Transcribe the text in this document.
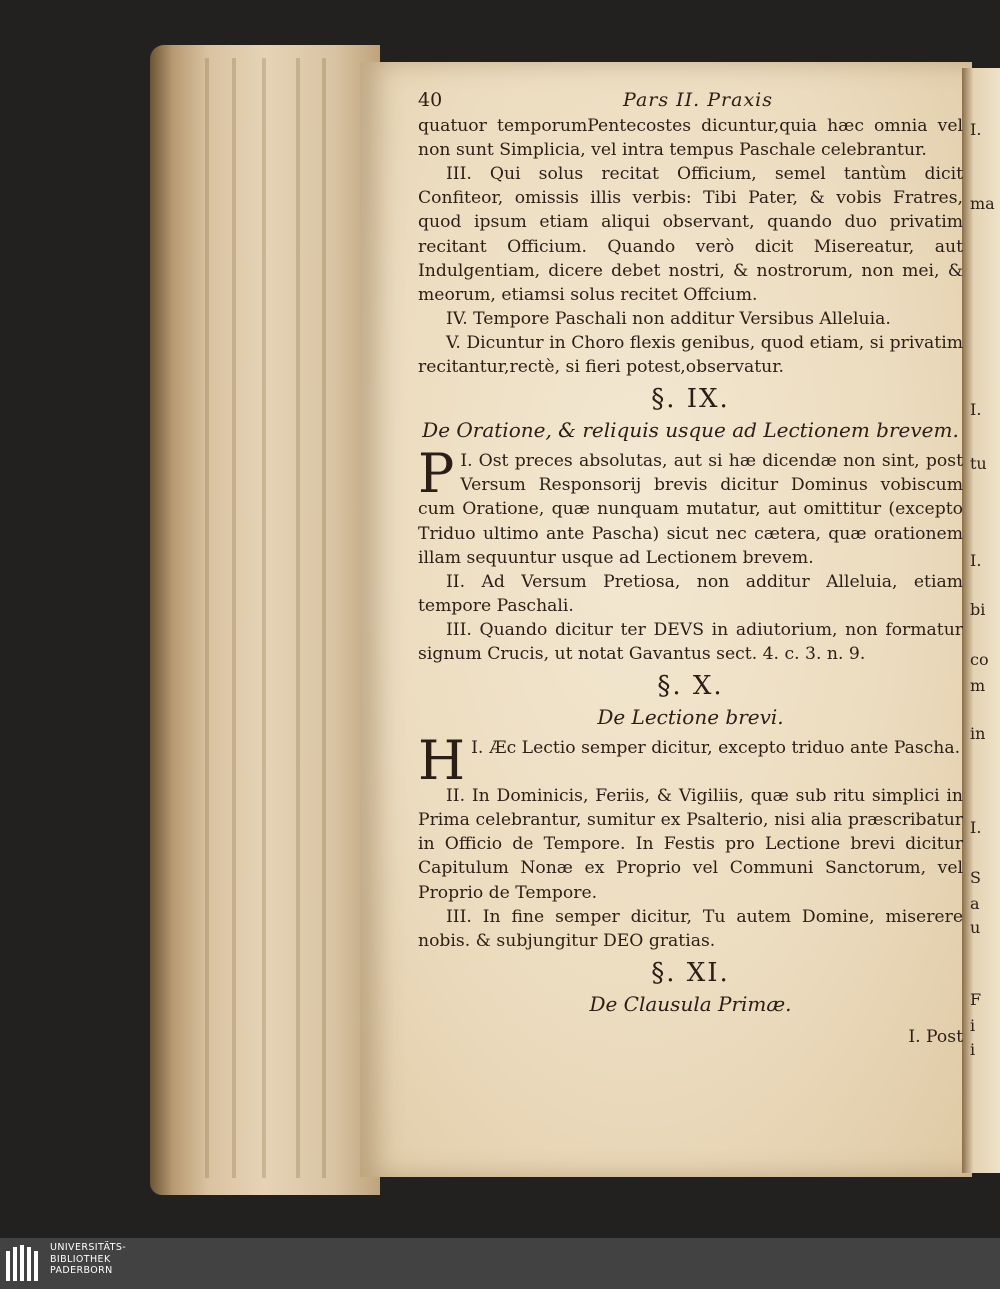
I.
ma
I.
tu
I.
bi
co
m
in
I.
S
a
u
F
i
i
40	Pars II. Praxis

quatuor temporumPentecostes dicuntur,quia hæc omnia vel non sunt Simplicia, vel intra tempus Paschale celebrantur.

III. Qui solus recitat Officium, semel tantùm dicit Confiteor, omissis illis verbis: Tibi Pater, & vobis Fratres, quod ipsum etiam aliqui observant, quando duo privatim recitant Officium. Quando verò dicit Misereatur, aut Indulgentiam, dicere debet nostri, & nostrorum, non mei, & meorum, etiamsi solus recitet Offcium.

IV. Tempore Paschali non additur Versibus Alleluia.

V. Dicuntur in Choro flexis genibus, quod etiam, si privatim recitantur,rectè, si fieri potest,observatur.

§. IX.
De Oratione, & reliquis usque ad Lectionem brevem.

I.
P Ost preces absolutas, aut si hæ dicendæ non sint, post Versum Responsorij brevis dicitur Dominus vobiscum cum Oratione, quæ nunquam mutatur, aut omittitur (excepto Triduo ultimo ante Pascha) sicut nec cætera, quæ orationem illam sequuntur usque ad Lectionem brevem.

II. Ad Versum Pretiosa, non additur Alleluia, etiam tempore Paschali.

III. Quando dicitur ter DEVS in adiutorium, non formatur signum Crucis, ut notat Gavantus sect. 4. c. 3. n. 9.

§. X.
De Lectione brevi.

I.
H Æc Lectio semper dicitur, excepto triduo ante Pascha.

II. In Dominicis, Feriis, & Vigiliis, quæ sub ritu simplici in Prima celebrantur, sumitur ex Psalterio, nisi alia præscribatur in Officio de Tempore. In Festis pro Lectione brevi dicitur Capitulum Nonæ ex Proprio vel Communi Sanctorum, vel Proprio de Tempore.

III. In fine semper dicitur, Tu autem Domine, miserere nobis. & subjungitur DEO gratias.

§. XI.
De Clausula Primæ.
I. Post
UNIVERSITÄTS-
BIBLIOTHEK
PADERBORN
